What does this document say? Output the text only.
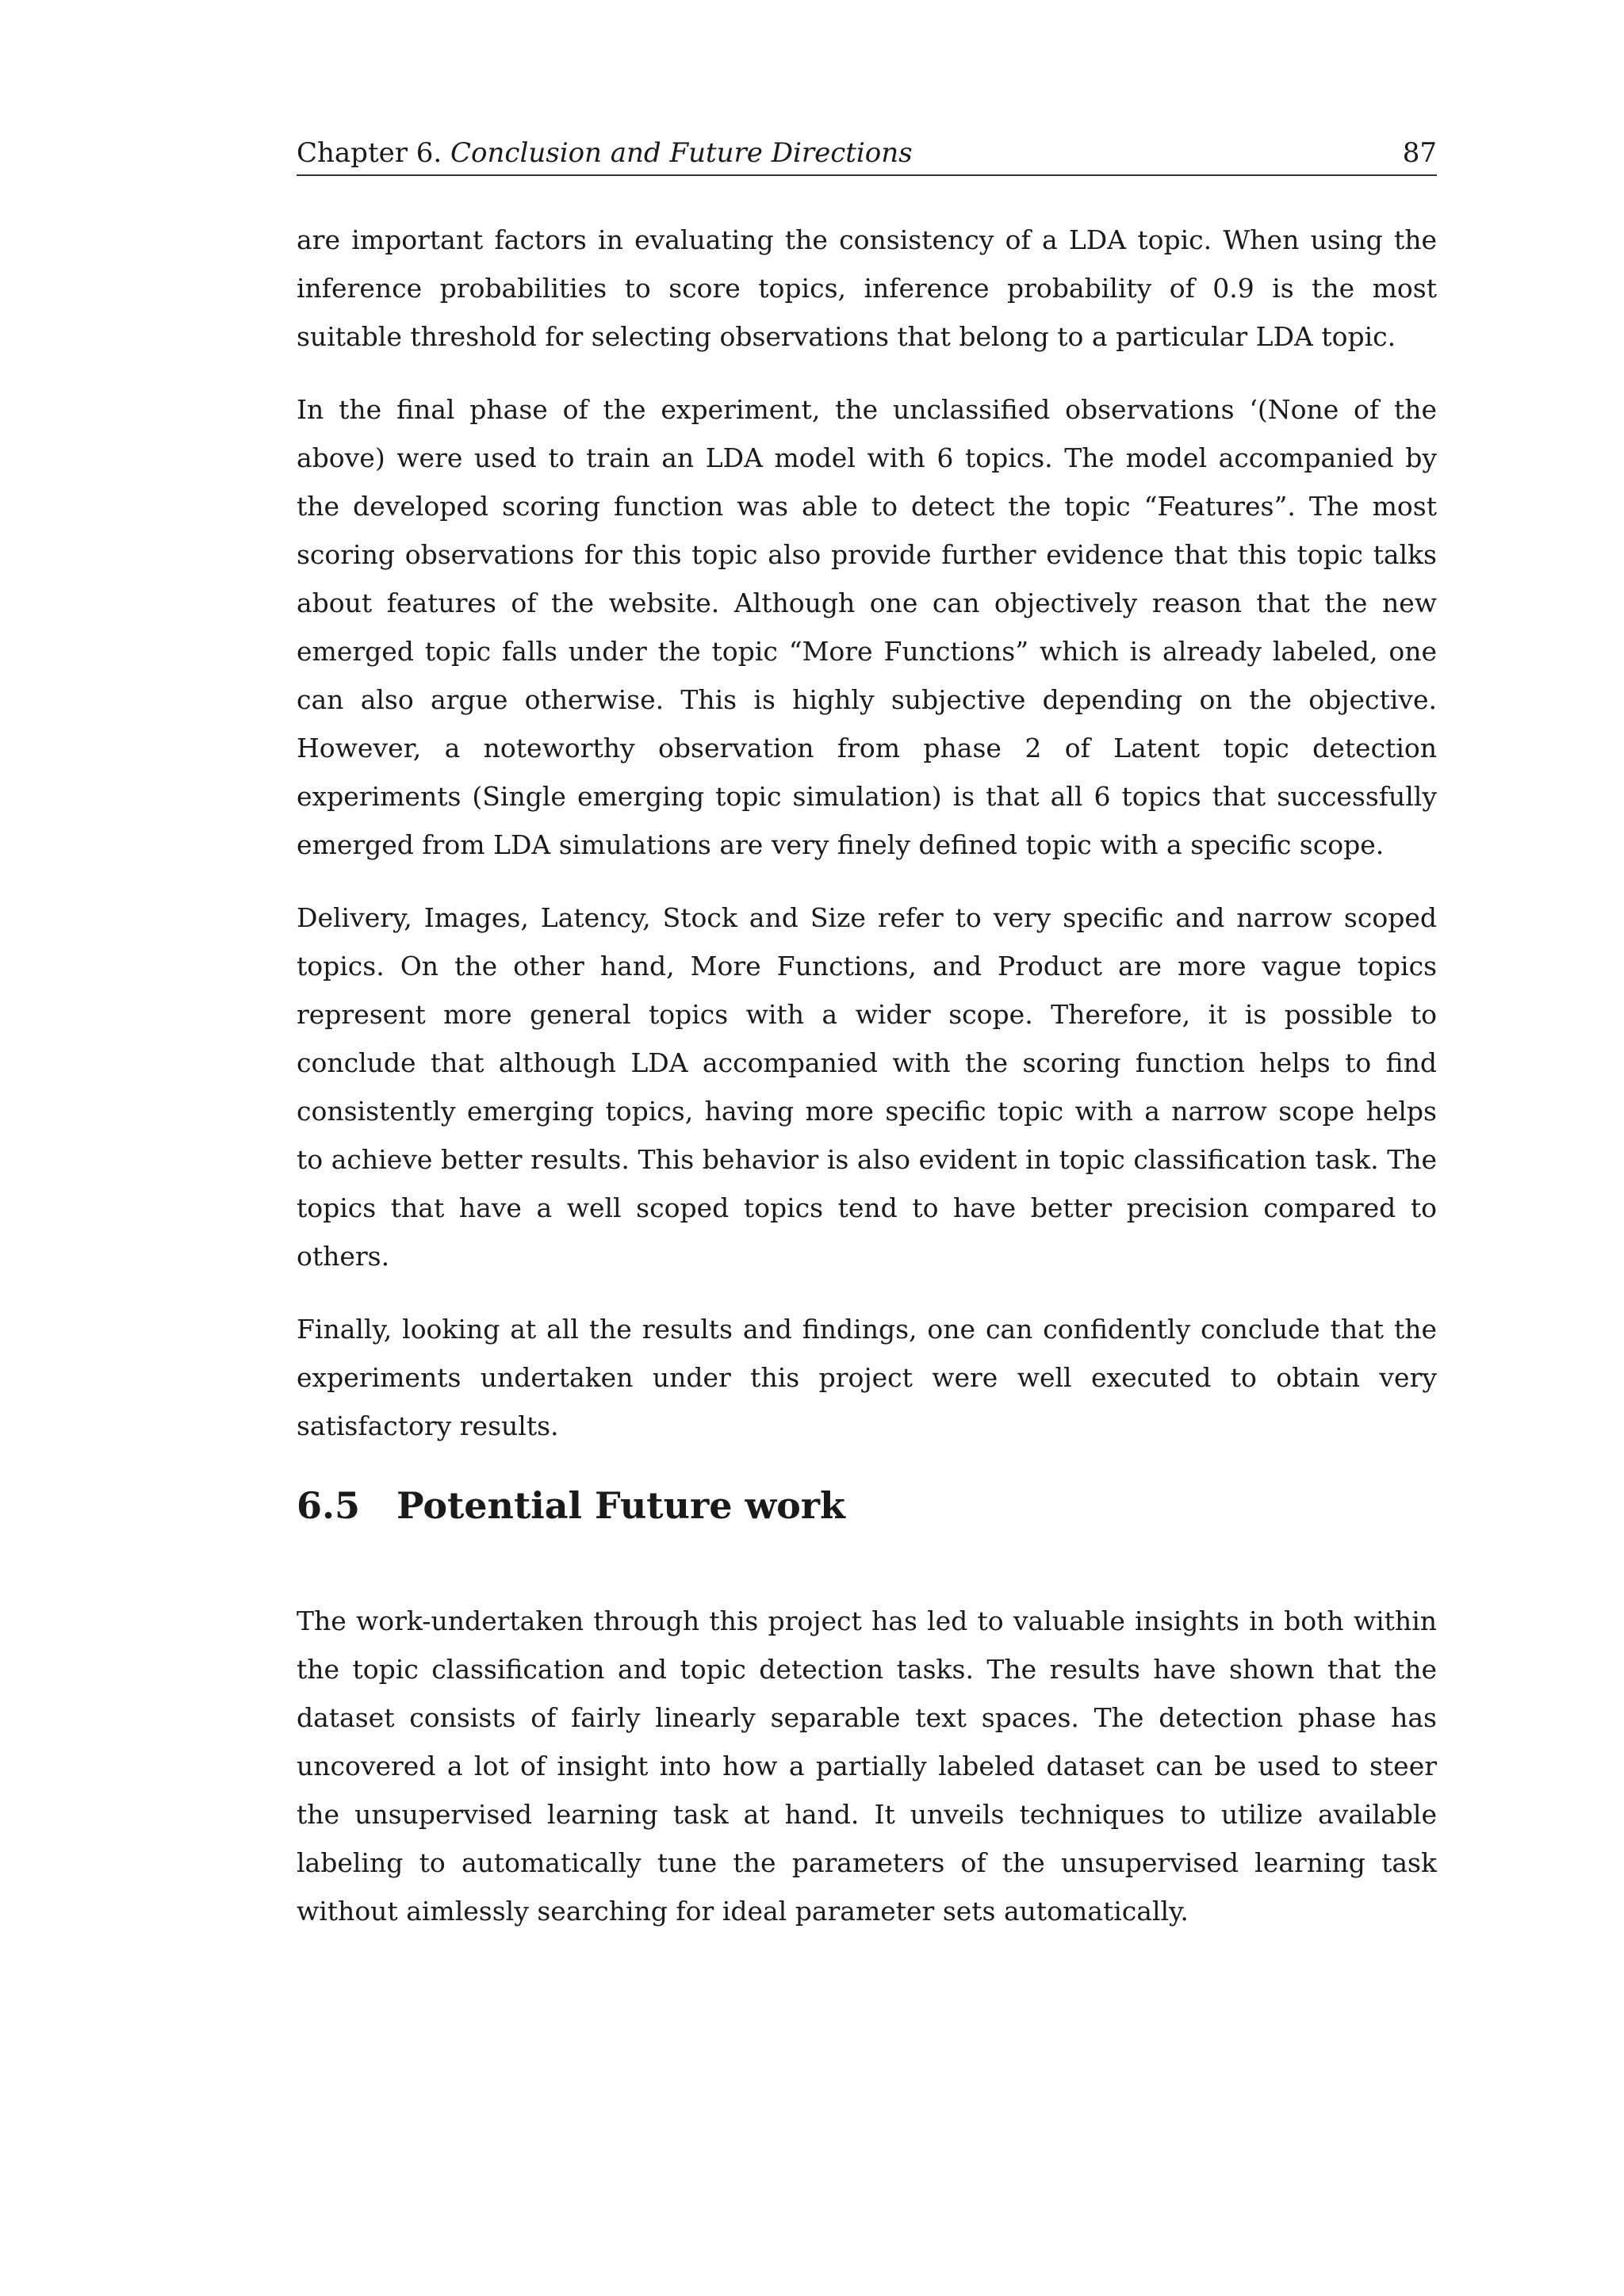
Chapter 6. Conclusion and Future Directions	87

are important factors in evaluating the consistency of a LDA topic. When using the inference probabilities to score topics, inference probability of 0.9 is the most suitable threshold for selecting observations that belong to a particular LDA topic.

In the final phase of the experiment, the unclassified observations ‘(None of the above) were used to train an LDA model with 6 topics. The model accompanied by the developed scoring function was able to detect the topic “Features”. The most scoring observations for this topic also provide further evidence that this topic talks about features of the website. Although one can objectively reason that the new emerged topic falls under the topic “More Functions” which is already labeled, one can also argue otherwise. This is highly subjective depending on the objective. However, a noteworthy observation from phase 2 of Latent topic detection experiments (Single emerging topic simulation) is that all 6 topics that successfully emerged from LDA simulations are very finely defined topic with a specific scope.

Delivery, Images, Latency, Stock and Size refer to very specific and narrow scoped topics. On the other hand, More Functions, and Product are more vague topics represent more general topics with a wider scope. Therefore, it is possible to conclude that although LDA accompanied with the scoring function helps to find consistently emerging topics, having more specific topic with a narrow scope helps to achieve better results. This behavior is also evident in topic classification task. The topics that have a well scoped topics tend to have better precision compared to others.

Finally, looking at all the results and findings, one can confidently conclude that the experiments undertaken under this project were well executed to obtain very satisfactory results.

6.5 Potential Future work

The work-undertaken through this project has led to valuable insights in both within the topic classification and topic detection tasks. The results have shown that the dataset consists of fairly linearly separable text spaces. The detection phase has uncovered a lot of insight into how a partially labeled dataset can be used to steer the unsupervised learning task at hand. It unveils techniques to utilize available labeling to automatically tune the parameters of the unsupervised learning task without aimlessly searching for ideal parameter sets automatically.
